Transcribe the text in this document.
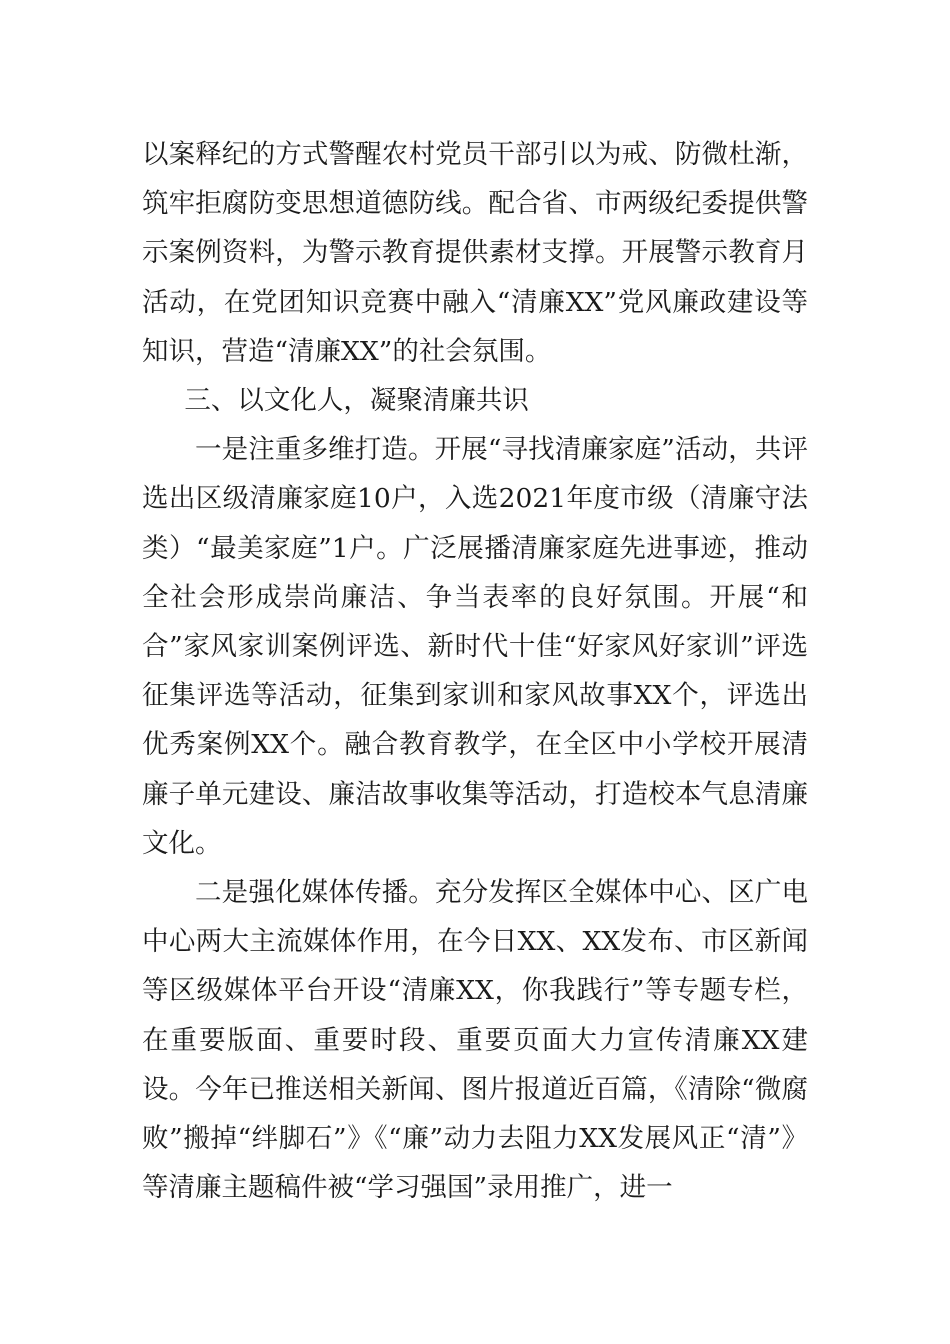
以案释纪的方式警醒农村党员干部引以为戒、防微杜渐，筑牢拒腐防变思想道德防线。配合省、市两级纪委提供警示案例资料，为警示教育提供素材支撑。开展警示教育月活动，在党团知识竞赛中融入“清廉XX”党风廉政建设等知识，营造“清廉XX”的社会氛围。

三、以文化人，凝聚清廉共识

一是注重多维打造。开展“寻找清廉家庭”活动，共评选出区级清廉家庭10户，入选2021年度市级（清廉守法类）“最美家庭”1户。广泛展播清廉家庭先进事迹，推动全社会形成崇尚廉洁、争当表率的良好氛围。开展“和合”家风家训案例评选、新时代十佳“好家风好家训”评选征集评选等活动，征集到家训和家风故事XX个，评选出优秀案例XX个。融合教育教学，在全区中小学校开展清廉子单元建设、廉洁故事收集等活动，打造校本气息清廉文化。

二是强化媒体传播。充分发挥区全媒体中心、区广电中心两大主流媒体作用，在今日XX、XX发布、市区新闻等区级媒体平台开设“清廉XX，你我践行”等专题专栏，在重要版面、重要时段、重要页面大力宣传清廉XX建设。今年已推送相关新闻、图片报道近百篇，《清除“微腐败”搬掉“绊脚石”》《“廉”动力去阻力XX发展风正“清”》等清廉主题稿件被“学习强国”录用推广，进一
